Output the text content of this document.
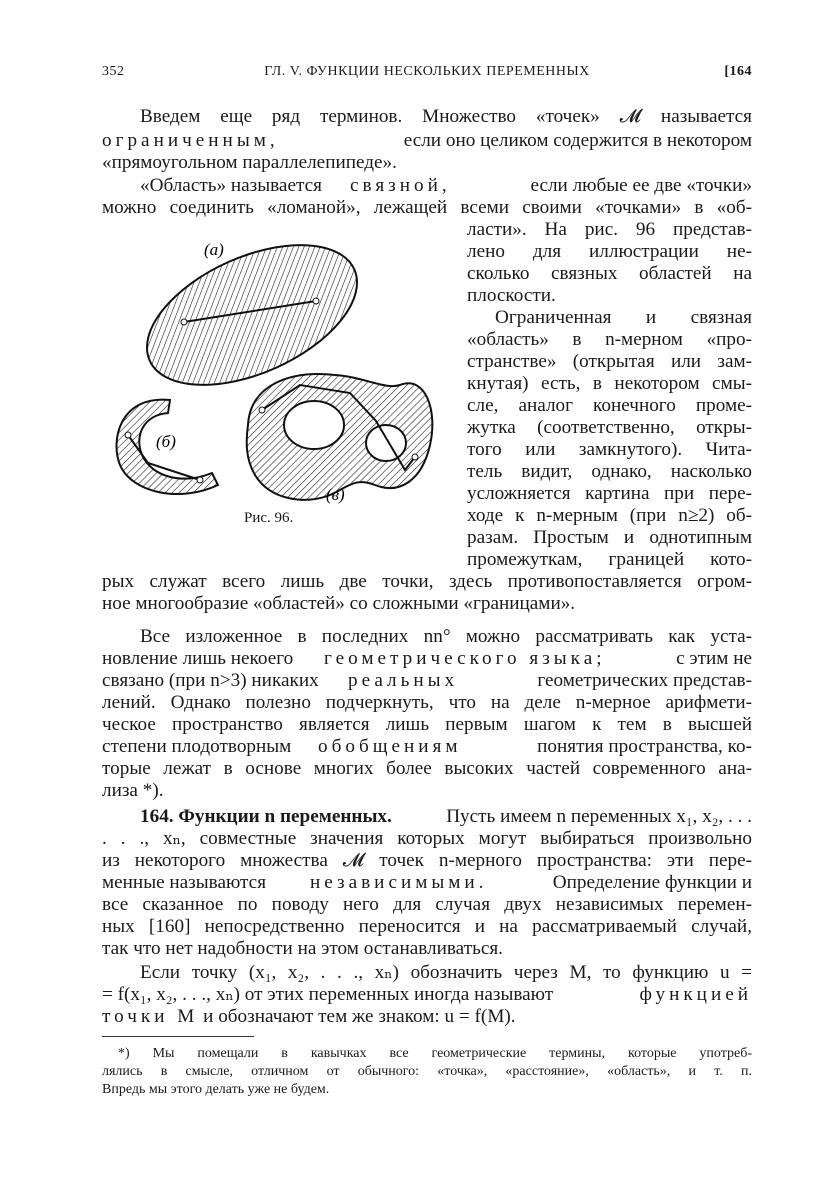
352	ГЛ. V. ФУНКЦИИ НЕСКОЛЬКИХ ПЕРЕМЕННЫХ	[164
Введем еще ряд терминов. Множество «точек» 𝓜 называется
ограниченным,	если оно целиком содержится в некотором
«прямоугольном параллелепипеде».
«Область» называется связной,	если любые ее две «точки»
можно соединить «ломаной», лежащей всеми своими «точками» в «об-
ласти». На рис. 96 представ-
лено для иллюстрации не-
сколько связных областей на
плоскости.
Ограниченная и связная
«область» в n-мерном «про-
странстве» (открытая или зам-
кнутая) есть, в некотором смы-
сле, аналог конечного проме-
жутка (соответственно, откры-
того или замкнутого). Чита-
тель видит, однако, насколько
усложняется картина при пере-
ходе к n-мерным (при n≥2) об-
разам. Простым и однотипным
промежуткам, границей кото-
(а)
(б)
(в)
Рис. 96.
рых служат всего лишь две точки, здесь противопоставляется огром-
ное многообразие «областей» со сложными «границами».
Все изложенное в последних nn° можно рассматривать как уста-
новление лишь некоего геометрического языка;	с этим не
связано (при n>3) никаких реальных	геометрических представ-
лений. Однако полезно подчеркнуть, что на деле n-мерное арифмети-
ческое пространство является лишь первым шагом к тем в высшей
степени плодотворным обобщениям	понятия пространства, ко-
торые лежат в основе многих более высоких частей современного ана-
лиза *).
164. Функции n переменных.	Пусть имеем n переменных x₁, x₂, . . .
. . ., xₙ, совместные значения которых могут выбираться произвольно
из некоторого множества 𝓜 точек n-мерного пространства: эти пере-
менные называются независимыми.	Определение функции и
все сказанное по поводу него для случая двух независимых перемен-
ных [160] непосредственно переносится и на рассматриваемый случай,
так что нет надобности на этом останавливаться.
Если точку (x₁, x₂, . . ., xₙ) обозначить через M, то функцию u =
= f(x₁, x₂, . . ., xₙ) от этих переменных иногда называют	функцией
точки M и обозначают тем же знаком: u = f(M).
*) Мы помещали в кавычках все геометрические термины, которые употреб-
лялись в смысле, отличном от обычного: «точка», «расстояние», «область», и т. п.
Впредь мы этого делать уже не будем.
